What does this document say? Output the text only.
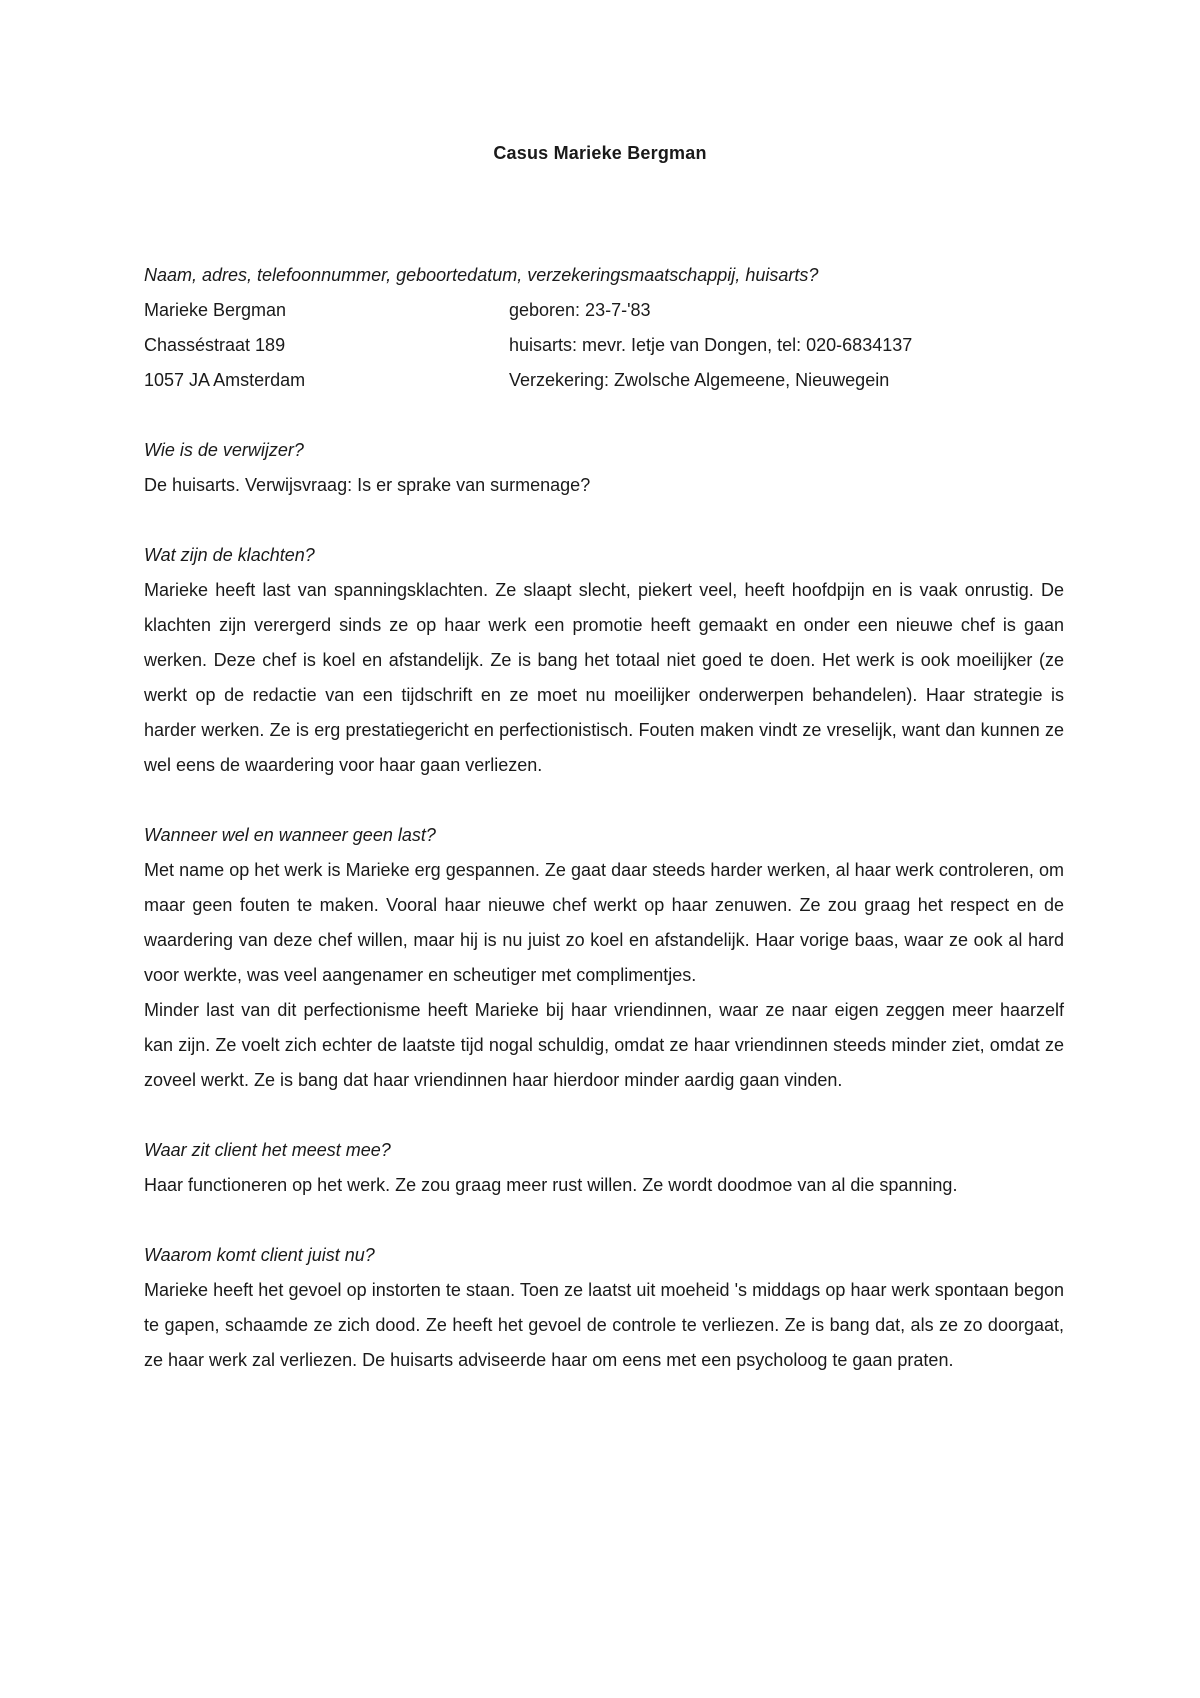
Casus Marieke Bergman

Naam, adres, telefoonnummer, geboortedatum, verzekeringsmaatschappij, huisarts?

Marieke Bergman	geboren: 23-7-'83
Chasséstraat 189	huisarts: mevr. Ietje van Dongen, tel: 020-6834137
1057 JA Amsterdam	Verzekering: Zwolsche Algemeene, Nieuwegein

Wie is de verwijzer?

De huisarts. Verwijsvraag: Is er sprake van surmenage?

Wat zijn de klachten?

Marieke heeft last van spanningsklachten. Ze slaapt slecht, piekert veel, heeft hoofdpijn en is vaak onrustig. De klachten zijn verergerd sinds ze op haar werk een promotie heeft gemaakt en onder een nieuwe chef is gaan werken. Deze chef is koel en afstandelijk. Ze is bang het totaal niet goed te doen. Het werk is ook moeilijker (ze werkt op de redactie van een tijdschrift en ze moet nu moeilijker onderwerpen behandelen). Haar strategie is harder werken. Ze is erg prestatiegericht en perfectionistisch. Fouten maken vindt ze vreselijk, want dan kunnen ze wel eens de waardering voor haar gaan verliezen.

Wanneer wel en wanneer geen last?

Met name op het werk is Marieke erg gespannen. Ze gaat daar steeds harder werken, al haar werk controleren, om maar geen fouten te maken. Vooral haar nieuwe chef werkt op haar zenuwen. Ze zou graag het respect en de waardering van deze chef willen, maar hij is nu juist zo koel en afstandelijk. Haar vorige baas, waar ze ook al hard voor werkte, was veel aangenamer en scheutiger met complimentjes.

Minder last van dit perfectionisme heeft Marieke bij haar vriendinnen, waar ze naar eigen zeggen meer haarzelf kan zijn. Ze voelt zich echter de laatste tijd nogal schuldig, omdat ze haar vriendinnen steeds minder ziet, omdat ze zoveel werkt. Ze is bang dat haar vriendinnen haar hierdoor minder aardig gaan vinden.

Waar zit client het meest mee?

Haar functioneren op het werk. Ze zou graag meer rust willen. Ze wordt doodmoe van al die spanning.

Waarom komt client juist nu?

Marieke heeft het gevoel op instorten te staan. Toen ze laatst uit moeheid 's middags op haar werk spontaan begon te gapen, schaamde ze zich dood. Ze heeft het gevoel de controle te verliezen. Ze is bang dat, als ze zo doorgaat, ze haar werk zal verliezen. De huisarts adviseerde haar om eens met een psycholoog te gaan praten.
